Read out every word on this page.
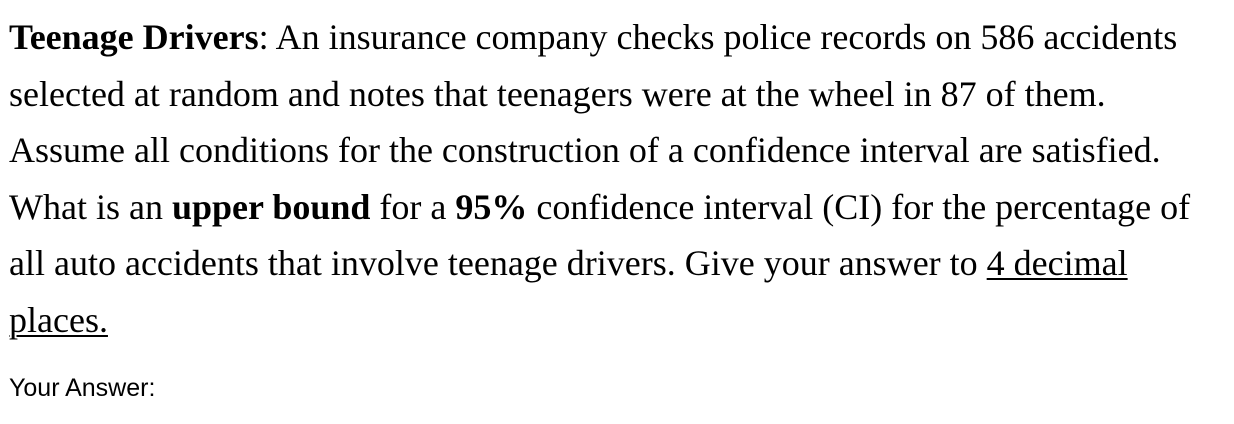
Teenage Drivers: An insurance company checks police records on 586 accidents selected at random and notes that teenagers were at the wheel in 87 of them. Assume all conditions for the construction of a confidence interval are satisfied. What is an upper bound for a 95% confidence interval (CI) for the percentage of all auto accidents that involve teenage drivers. Give your answer to 4 decimal places.

Your Answer:
